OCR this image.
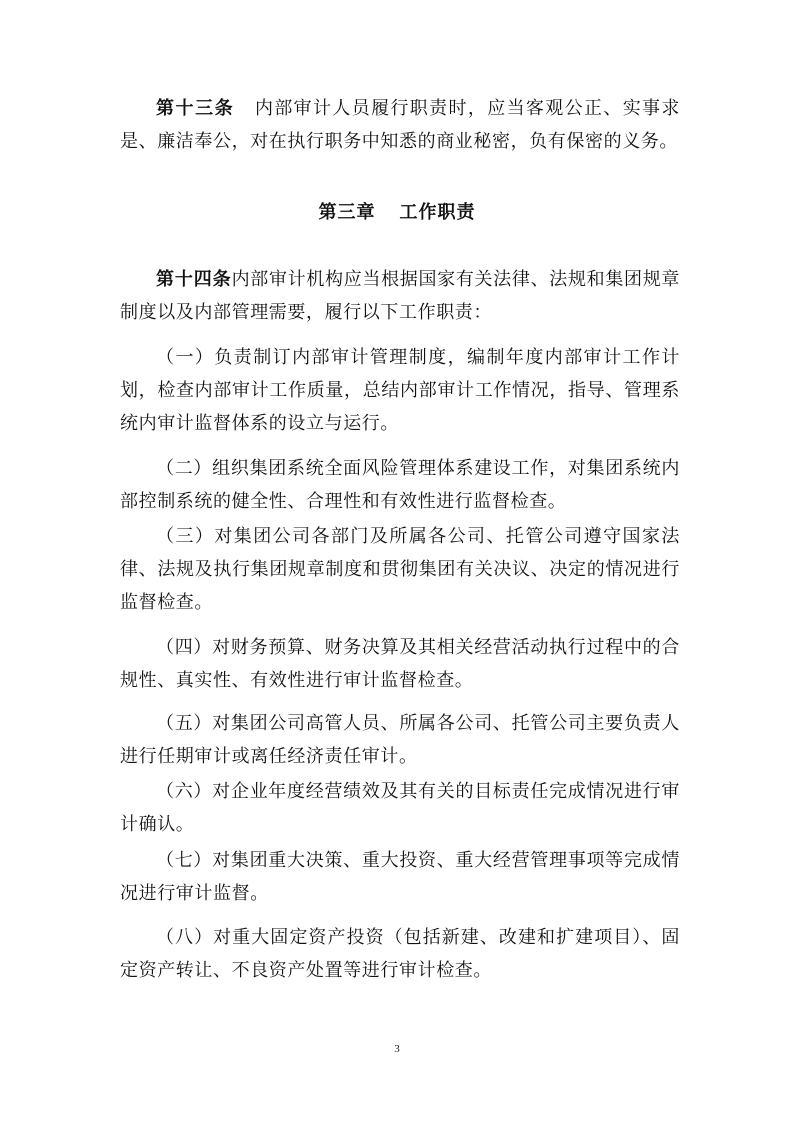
第十三条 内部审计人员履行职责时，应当客观公正、实事求是、廉洁奉公，对在执行职务中知悉的商业秘密，负有保密的义务。

第三章 工作职责

第十四条内部审计机构应当根据国家有关法律、法规和集团规章制度以及内部管理需要，履行以下工作职责：

（一）负责制订内部审计管理制度，编制年度内部审计工作计划，检查内部审计工作质量，总结内部审计工作情况，指导、管理系统内审计监督体系的设立与运行。

（二）组织集团系统全面风险管理体系建设工作，对集团系统内部控制系统的健全性、合理性和有效性进行监督检查。

（三）对集团公司各部门及所属各公司、托管公司遵守国家法律、法规及执行集团规章制度和贯彻集团有关决议、决定的情况进行监督检查。

（四）对财务预算、财务决算及其相关经营活动执行过程中的合规性、真实性、有效性进行审计监督检查。

（五）对集团公司高管人员、所属各公司、托管公司主要负责人进行任期审计或离任经济责任审计。

（六）对企业年度经营绩效及其有关的目标责任完成情况进行审计确认。

（七）对集团重大决策、重大投资、重大经营管理事项等完成情况进行审计监督。

（八）对重大固定资产投资（包括新建、改建和扩建项目）、固定资产转让、不良资产处置等进行审计检查。

3
